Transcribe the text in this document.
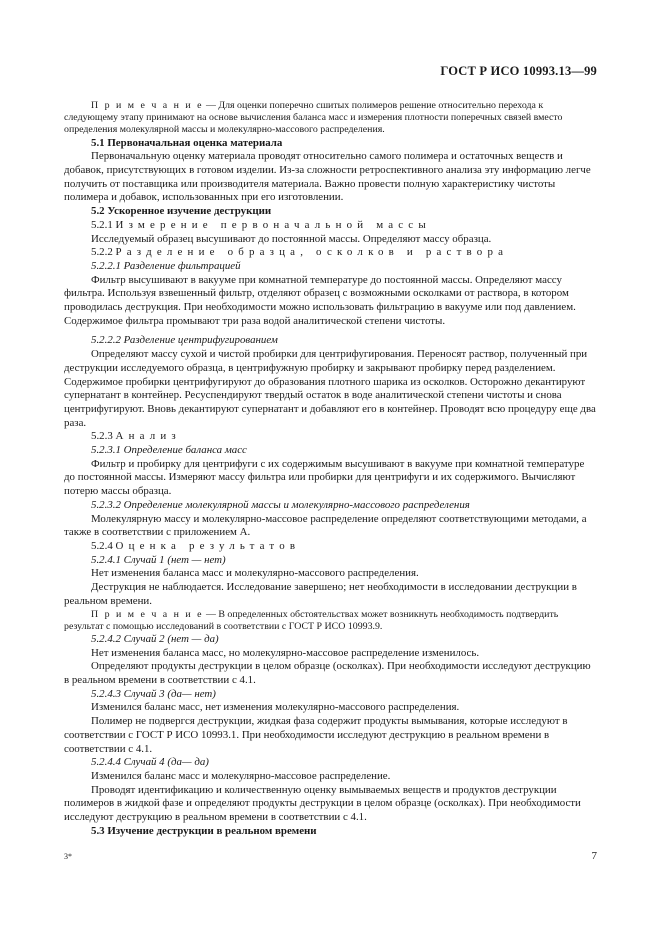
ГОСТ Р ИСО 10993.13—99

П р и м е ч а н и е — Для оценки поперечно сшитых полимеров решение относительно перехода к следующему этапу принимают на основе вычисления баланса масс и измерения плотности поперечных связей вместо определения молекулярной массы и молекулярно-массового распределения.

5.1 Первоначальная оценка материала

Первоначальную оценку материала проводят относительно самого полимера и остаточных веществ и добавок, присутствующих в готовом изделии. Из-за сложности ретроспективного анализа эту информацию легче получить от поставщика или производителя материала. Важно провести полную характеристику чистоты полимера и добавок, использованных при его изготовлении.

5.2 Ускоренное изучение деструкции

5.2.1 Измерение первоначальной массы

Исследуемый образец высушивают до постоянной массы. Определяют массу образца.

5.2.2 Разделение образца, осколков и раствора

5.2.2.1 Разделение фильтрацией

Фильтр высушивают в вакууме при комнатной температуре до постоянной массы. Определяют массу фильтра. Используя взвешенный фильтр, отделяют образец с возможными осколками от раствора, в котором проводилась деструкция. При необходимости можно использовать фильтрацию в вакууме или под давлением. Содержимое фильтра промывают три раза водой аналитической степени чистоты.

5.2.2.2 Разделение центрифугированием

Определяют массу сухой и чистой пробирки для центрифугирования. Переносят раствор, полученный при деструкции исследуемого образца, в центрифужную пробирку и закрывают пробирку перед разделением. Содержимое пробирки центрифугируют до образования плотного шарика из осколков. Осторожно декантируют супернатант в контейнер. Ресуспендируют твердый остаток в воде аналитической степени чистоты и снова центрифугируют. Вновь декантируют супернатант и добавляют его в контейнер. Проводят всю процедуру еще два раза.

5.2.3 Анализ

5.2.3.1 Определение баланса масс

Фильтр и пробирку для центрифуги с их содержимым высушивают в вакууме при комнатной температуре до постоянной массы. Измеряют массу фильтра или пробирки для центрифуги и их содержимого. Вычисляют потерю массы образца.

5.2.3.2 Определение молекулярной массы и молекулярно-массового распределения

Молекулярную массу и молекулярно-массовое распределение определяют соответствующими методами, а также в соответствии с приложением А.

5.2.4 Оценка результатов

5.2.4.1 Случай 1 (нет — нет)

Нет изменения баланса масс и молекулярно-массового распределения.

Деструкция не наблюдается. Исследование завершено; нет необходимости в исследовании деструкции в реальном времени.

П р и м е ч а н и е — В определенных обстоятельствах может возникнуть необходимость подтвердить результат с помощью исследований в соответствии с ГОСТ Р ИСО 10993.9.

5.2.4.2 Случай 2 (нет — да)

Нет изменения баланса масс, но молекулярно-массовое распределение изменилось.

Определяют продукты деструкции в целом образце (осколках). При необходимости исследуют деструкцию в реальном времени в соответствии с 4.1.

5.2.4.3 Случай 3 (да— нет)

Изменился баланс масс, нет изменения молекулярно-массового распределения.

Полимер не подвергся деструкции, жидкая фаза содержит продукты вымывания, которые исследуют в соответствии с ГОСТ Р ИСО 10993.1. При необходимости исследуют деструкцию в реальном времени в соответствии с 4.1.

5.2.4.4 Случай 4 (да— да)

Изменился баланс масс и молекулярно-массовое распределение.

Проводят идентификацию и количественную оценку вымываемых веществ и продуктов деструкции полимеров в жидкой фазе и определяют продукты деструкции в целом образце (осколках). При необходимости исследуют деструкцию в реальном времени в соответствии с 4.1.

5.3 Изучение деструкции в реальном времени

3*	7
